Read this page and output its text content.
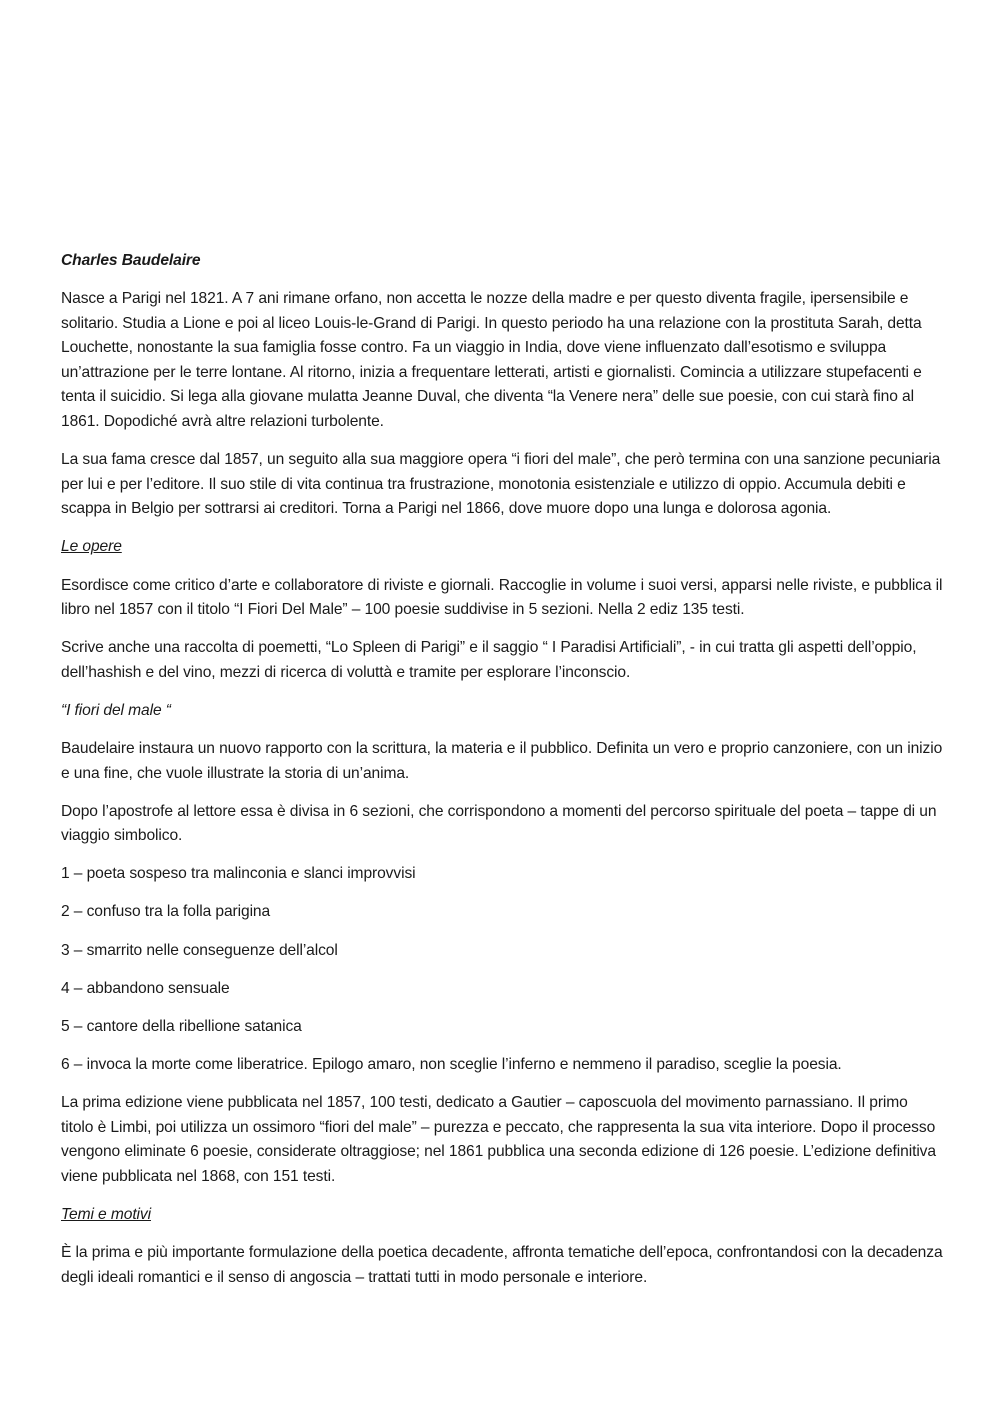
Charles Baudelaire

Nasce a Parigi nel 1821. A 7 ani rimane orfano, non accetta le nozze della madre e per questo diventa fragile, ipersensibile e solitario. Studia a Lione e poi al liceo Louis-le-Grand di Parigi. In questo periodo ha una relazione con la prostituta Sarah, detta Louchette, nonostante la sua famiglia fosse contro. Fa un viaggio in India, dove viene influenzato dall’esotismo e sviluppa un’attrazione per le terre lontane. Al ritorno, inizia a frequentare letterati, artisti e giornalisti. Comincia a utilizzare stupefacenti e tenta il suicidio. Si lega alla giovane mulatta Jeanne Duval, che diventa “la Venere nera” delle sue poesie, con cui starà fino al 1861. Dopodiché avrà altre relazioni turbolente.

La sua fama cresce dal 1857, un seguito alla sua maggiore opera “i fiori del male”, che però termina con una sanzione pecuniaria per lui e per l’editore. Il suo stile di vita continua tra frustrazione, monotonia esistenziale e utilizzo di oppio. Accumula debiti e scappa in Belgio per sottrarsi ai creditori. Torna a Parigi nel 1866, dove muore dopo una lunga e dolorosa agonia.

Le opere

Esordisce come critico d’arte e collaboratore di riviste e giornali. Raccoglie in volume i suoi versi, apparsi nelle riviste, e pubblica il libro nel 1857 con il titolo “I Fiori Del Male” – 100 poesie suddivise in 5 sezioni. Nella 2 ediz 135 testi.

Scrive anche una raccolta di poemetti, “Lo Spleen di Parigi” e il saggio “ I Paradisi Artificiali”, - in cui tratta gli aspetti dell’oppio, dell’hashish e del vino, mezzi di ricerca di voluttà e tramite per esplorare l’inconscio.

“I fiori del male “

Baudelaire instaura un nuovo rapporto con la scrittura, la materia e il pubblico. Definita un vero e proprio canzoniere, con un inizio e una fine, che vuole illustrate la storia di un’anima.

Dopo l’apostrofe al lettore essa è divisa in 6 sezioni, che corrispondono a momenti del percorso spirituale del poeta – tappe di un viaggio simbolico.

1 – poeta sospeso tra malinconia e slanci improvvisi

2 – confuso tra la folla parigina

3 – smarrito nelle conseguenze dell’alcol

4 – abbandono sensuale

5 – cantore della ribellione satanica

6 – invoca la morte come liberatrice. Epilogo amaro, non sceglie l’inferno e nemmeno il paradiso, sceglie la poesia.

La prima edizione viene pubblicata nel 1857, 100 testi, dedicato a Gautier – caposcuola del movimento parnassiano. Il primo titolo è Limbi, poi utilizza un ossimoro “fiori del male” – purezza e peccato, che rappresenta la sua vita interiore. Dopo il processo vengono eliminate 6 poesie, considerate oltraggiose; nel 1861 pubblica una seconda edizione di 126 poesie. L’edizione definitiva viene pubblicata nel 1868, con 151 testi.

Temi e motivi

È la prima e più importante formulazione della poetica decadente, affronta tematiche dell’epoca, confrontandosi con la decadenza degli ideali romantici e il senso di angoscia – trattati tutti in modo personale e interiore.
